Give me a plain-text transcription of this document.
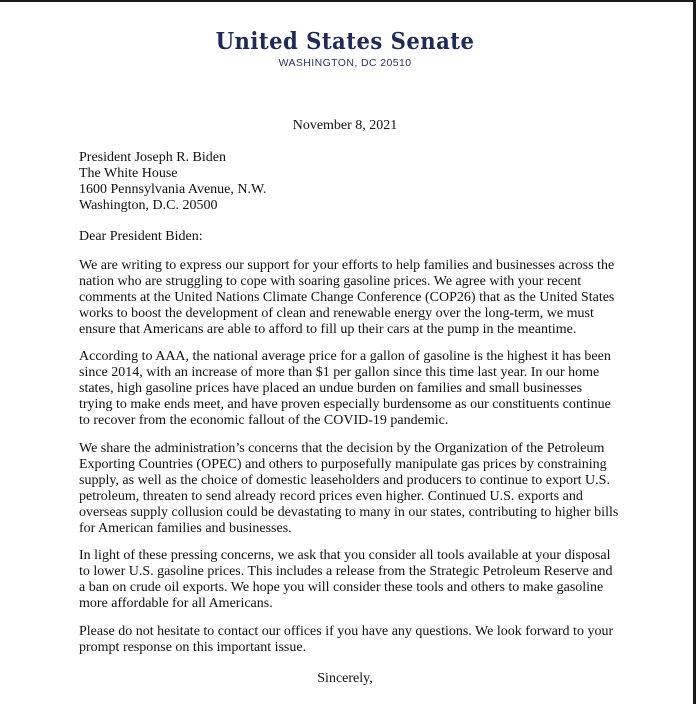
United States Senate
WASHINGTON, DC 20510
November 8, 2021
President Joseph R. Biden
The White House
1600 Pennsylvania Avenue, N.W.
Washington, D.C. 20500
Dear President Biden:

We are writing to express our support for your efforts to help families and businesses across the nation who are struggling to cope with soaring gasoline prices. We agree with your recent comments at the United Nations Climate Change Conference (COP26) that as the United States works to boost the development of clean and renewable energy over the long-term, we must ensure that Americans are able to afford to fill up their cars at the pump in the meantime.

According to AAA, the national average price for a gallon of gasoline is the highest it has been since 2014, with an increase of more than $1 per gallon since this time last year. In our home states, high gasoline prices have placed an undue burden on families and small businesses trying to make ends meet, and have proven especially burdensome as our constituents continue to recover from the economic fallout of the COVID-19 pandemic.

We share the administration’s concerns that the decision by the Organization of the Petroleum Exporting Countries (OPEC) and others to purposefully manipulate gas prices by constraining supply, as well as the choice of domestic leaseholders and producers to continue to export U.S. petroleum, threaten to send already record prices even higher. Continued U.S. exports and overseas supply collusion could be devastating to many in our states, contributing to higher bills for American families and businesses.

In light of these pressing concerns, we ask that you consider all tools available at your disposal to lower U.S. gasoline prices. This includes a release from the Strategic Petroleum Reserve and a ban on crude oil exports. We hope you will consider these tools and others to make gasoline more affordable for all Americans.

Please do not hesitate to contact our offices if you have any questions. We look forward to your prompt response on this important issue.

Sincerely,
